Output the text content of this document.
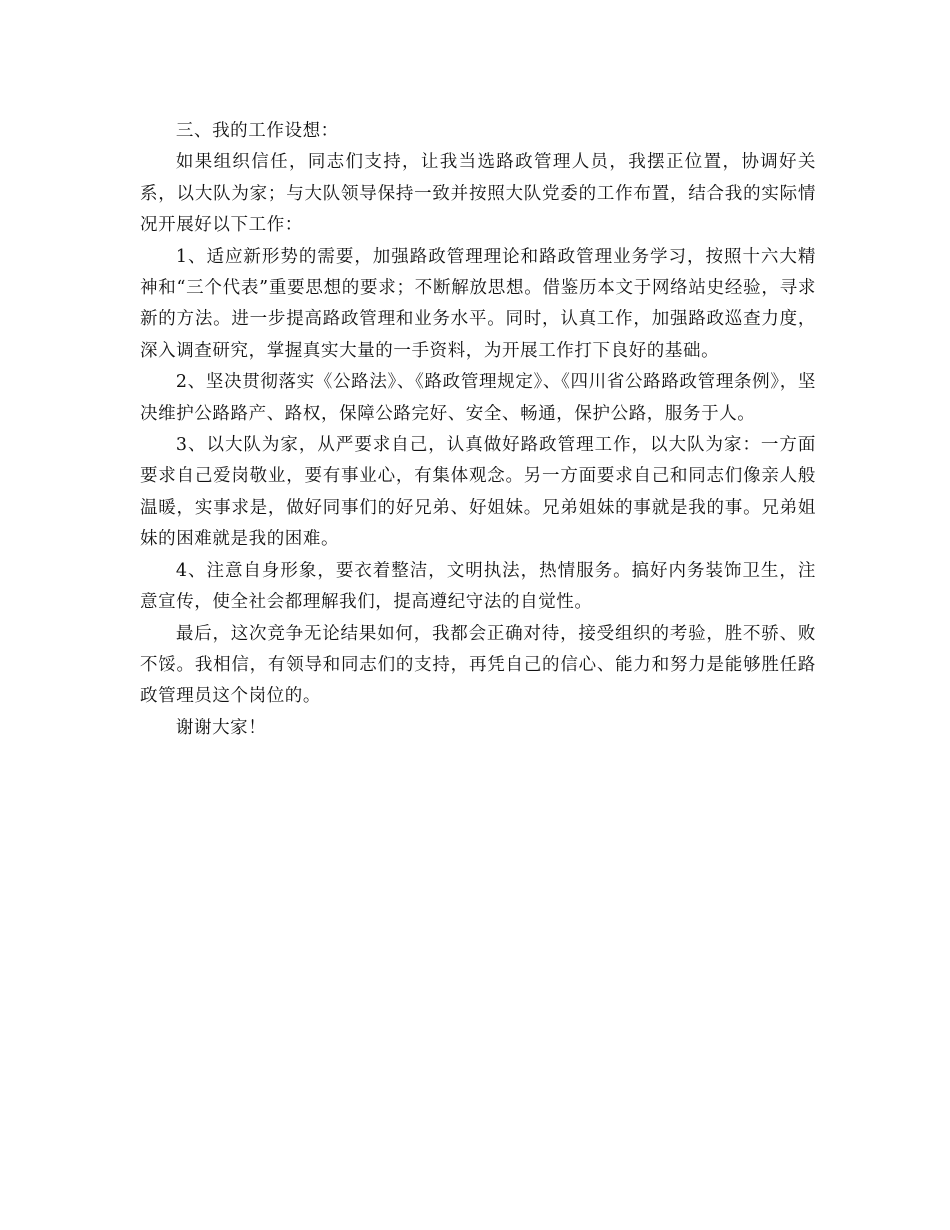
三、我的工作设想：

如果组织信任，同志们支持，让我当选路政管理人员，我摆正位置，协调好关系，以大队为家；与大队领导保持一致并按照大队党委的工作布置，结合我的实际情况开展好以下工作：

1、适应新形势的需要，加强路政管理理论和路政管理业务学习，按照十六大精神和“三个代表”重要思想的要求；不断解放思想。借鉴历本文于网络站史经验，寻求新的方法。进一步提高路政管理和业务水平。同时，认真工作，加强路政巡查力度，深入调查研究，掌握真实大量的一手资料，为开展工作打下良好的基础。

2、坚决贯彻落实《公路法》、《路政管理规定》、《四川省公路路政管理条例》，坚决维护公路路产、路权，保障公路完好、安全、畅通，保护公路，服务于人。

3、以大队为家，从严要求自己，认真做好路政管理工作，以大队为家：一方面要求自己爱岗敬业，要有事业心，有集体观念。另一方面要求自己和同志们像亲人般温暖，实事求是，做好同事们的好兄弟、好姐妹。兄弟姐妹的事就是我的事。兄弟姐妹的困难就是我的困难。

4、注意自身形象，要衣着整洁，文明执法，热情服务。搞好内务装饰卫生，注意宣传，使全社会都理解我们，提高遵纪守法的自觉性。

最后，这次竞争无论结果如何，我都会正确对待，接受组织的考验，胜不骄、败不馁。我相信，有领导和同志们的支持，再凭自己的信心、能力和努力是能够胜任路政管理员这个岗位的。

谢谢大家！
